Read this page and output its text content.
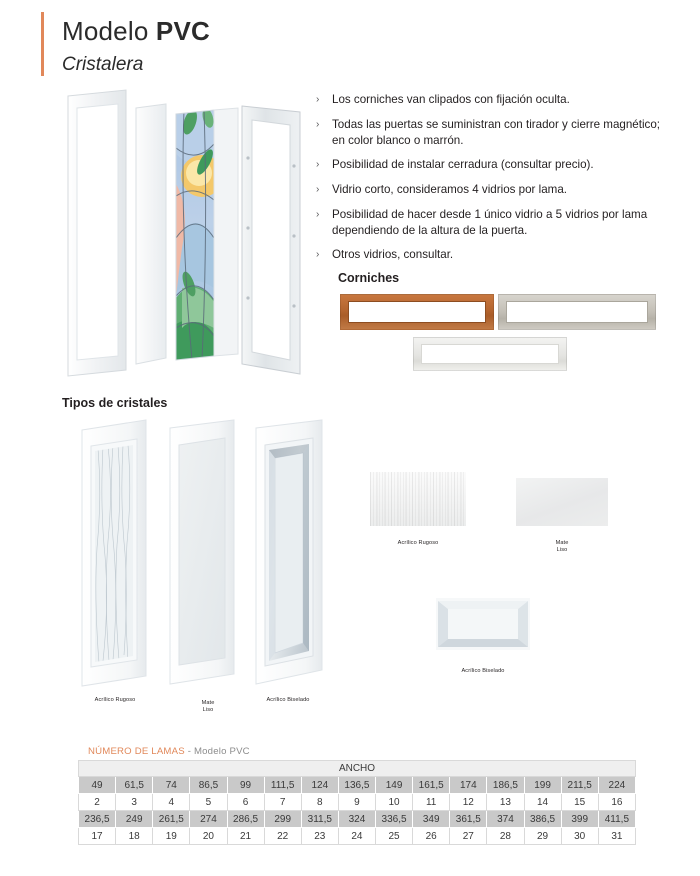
Modelo PVC
Cristalera
›	Los corniches van clipados con fijación oculta.
›	Todas las puertas se suministran con tirador y cierre magnético; en color blanco o marrón.
›	Posibilidad de instalar cerradura (consultar precio).
›	Vidrio corto, consideramos 4 vidrios por lama.
›	Posibilidad de hacer desde 1 único vidrio a 5 vidrios por lama dependiendo de la altura de la puerta.
›	Otros vidrios, consultar.
Corniches
Tipos de cristales
Acrílico Rugoso	Mate
Liso
Acrílico Biselado
Acrílico Rugoso	Mate
Liso
Acrílico Biselado
NÚMERO DE LAMAS - Modelo PVC
ANCHO														
49	61,5	74	86,5	99	111,5	124	136,5	149	161,5	174	186,5	199	211,5	224
2	3	4	5	6	7	8	9	10	11	12	13	14	15	16
236,5	249	261,5	274	286,5	299	311,5	324	336,5	349	361,5	374	386,5	399	411,5
17	18	19	20	21	22	23	24	25	26	27	28	29	30	31
